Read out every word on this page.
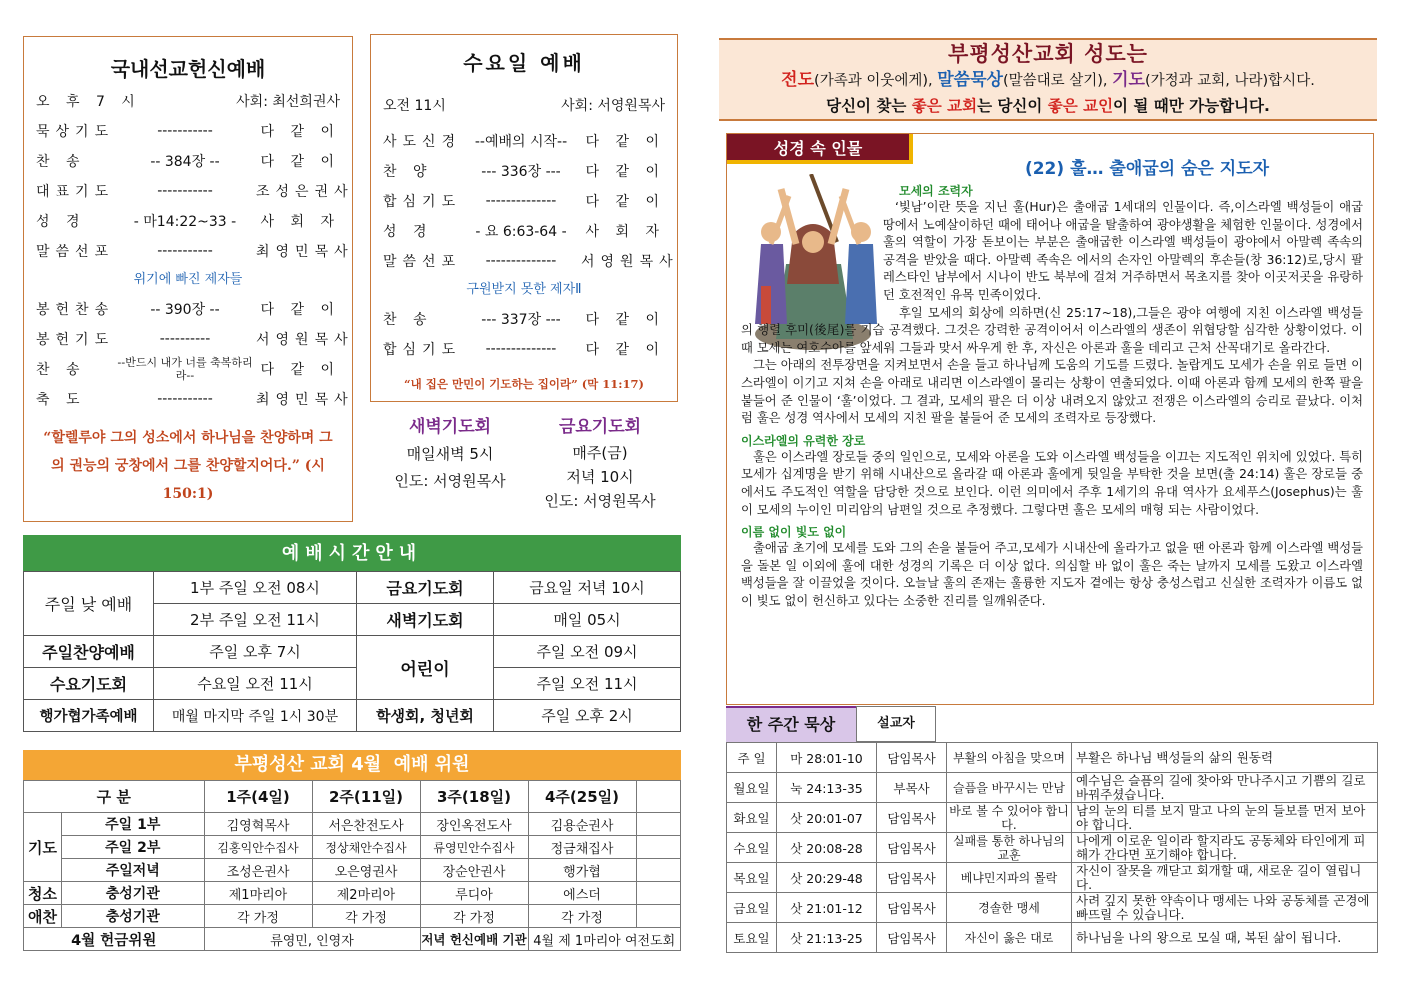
국내선교헌신예배
오 후 7 시	사회: 최선희권사
묵상기도	-----------	다 같 이
찬 송	-- 384장 --	다 같 이
대표기도	-----------	조성은권사
성 경	- 마14:22~33 -	사 회 자
말씀선포	-----------	최영민목사
위기에 빠진 제자들
봉헌찬송	-- 390장 --	다 같 이
봉헌기도	----------	서영원목사
찬 송	--반드시 내가 너를 축복하리라--	다 같 이
축 도	-----------	최영민목사
“할렐루야 그의 성소에서 하나님을 찬양하며 그의 권능의 궁창에서 그를 찬양할지어다.” (시 150:1)
수요일 예배
오전 11시	사회: 서영원목사
사도신경 --예배의 시작--	다 같 이
찬 양	--- 336장 ---	다 같 이
합심기도	--------------	다 같 이
성 경	- 요 6:63-64 -	사 회 자
말씀선포	--------------	서영원목사
구원받지 못한 제자Ⅱ
찬 송	--- 337장 ---	다 같 이
합심기도	--------------	다 같 이
“내 집은 만민이 기도하는 집이라” (막 11:17)
새벽기도회
매일새벽 5시
인도: 서영원목사
금요기도회
매주(금)
저녁 10시
인도: 서영원목사
예배시간안내
주일 낮 예배	1부 주일 오전 08시	금요기도회	금요일 저녁 10시
	2부 주일 오전 11시	새벽기도회	매일 05시
주일찬양예배	주일 오후 7시	어린이	주일 오전 09시
수요기도회	수요일 오전 11시		주일 오전 11시
행가협가족예배	매월 마지막 주일 1시 30분	학생회, 청년회	주일 오후 2시
부평성산 교회 4월  예배 위원
구 분		1주(4일)	2주(11일)	3주(18일)	4주(25일)	
기도	주일 1부	김영혁목사	서은찬전도사	장인옥전도사	김용순권사	
	주일 2부	김홍익안수집사	정상채안수집사	류영민안수집사	정금채집사	
	주일저녁	조성은권사	오은영권사	장순안권사	행가협	
청소	충성기관	제1마리아	제2마리아	루디아	에스더	
애찬	충성기관	각 가정	각 가정	각 가정	각 가정	
4월 헌금위원		류영민, 인영자		저녁 헌신예배 기관	4월 제 1마리아 여전도회	
부평성산교회 성도는
전도(가족과 이웃에게), 말씀묵상(말씀대로 살기), 기도(가정과 교회, 나라)합시다.
당신이 찾는 좋은 교회는 당신이 좋은 교인이 될 때만 가능합니다.
성경 속 인물
(22) 훌… 출애굽의 숨은 지도자
모세의 조력자
‘빛남’이란 뜻을 지닌 훌(Hur)은 출애굽 1세대의 인물이다. 즉,이스라엘 백성들이 애굽 땅에서 노예살이하던 때에 태어나 애굽을 탈출하여 광야생활을 체험한 인물이다. 성경에서 훌의 역할이 가장 돋보이는 부분은 출애굽한 이스라엘 백성들이 광야에서 아말렉 족속의 공격을 받았을 때다. 아말렉 족속은 에서의 손자인 아말렉의 후손들(창 36:12)로,당시 팔레스타인 남부에서 시나이 반도 북부에 걸쳐 거주하면서 목초지를 찾아 이곳저곳을 유랑하던 호전적인 유목 민족이었다.
후일 모세의 회상에 의하면(신 25:17~18),그들은 광야 여행에 지친 이스라엘 백성들의 행렬 후미(後尾)를 기습 공격했다. 그것은 강력한 공격이어서 이스라엘의 생존이 위협당할 심각한 상황이었다. 이때 모세는 여호수아를 앞세워 그들과 맞서 싸우게 한 후, 자신은 아론과 훌을 데리고 근처 산꼭대기로 올라간다.
그는 아래의 전투장면을 지켜보면서 손을 들고 하나님께 도움의 기도를 드렸다. 놀랍게도 모세가 손을 위로 들면 이스라엘이 이기고 지쳐 손을 아래로 내리면 이스라엘이 몰리는 상황이 연출되었다. 이때 아론과 함께 모세의 한쪽 팔을 붙들어 준 인물이 ‘훌’이었다. 그 결과, 모세의 팔은 더 이상 내려오지 않았고 전쟁은 이스라엘의 승리로 끝났다. 이처럼 훌은 성경 역사에서 모세의 지친 팔을 붙들어 준 모세의 조력자로 등장했다.
이스라엘의 유력한 장로
훌은 이스라엘 장로들 중의 일인으로, 모세와 아론을 도와 이스라엘 백성들을 이끄는 지도적인 위치에 있었다. 특히 모세가 십계명을 받기 위해 시내산으로 올라갈 때 아론과 훌에게 뒷일을 부탁한 것을 보면(출 24:14) 훌은 장로들 중에서도 주도적인 역할을 담당한 것으로 보인다. 이런 의미에서 주후 1세기의 유대 역사가 요세푸스(Josephus)는 훌이 모세의 누이인 미리암의 남편일 것으로 추정했다. 그렇다면 훌은 모세의 매형 되는 사람이었다.
이름 없이 빛도 없이
출애굽 초기에 모세를 도와 그의 손을 붙들어 주고,모세가 시내산에 올라가고 없을 땐 아론과 함께 이스라엘 백성들을 돌본 일 이외에 훌에 대한 성경의 기록은 더 이상 없다. 의심할 바 없이 훌은 죽는 날까지 모세를 도왔고 이스라엘 백성들을 잘 이끌었을 것이다. 오늘날 훌의 존재는 훌륭한 지도자 곁에는 항상 충성스럽고 신실한 조력자가 이름도 없이 빛도 없이 헌신하고 있다는 소중한 진리를 일깨워준다.
한 주간 묵상	설교자
주 일	마 28:01-10	담임목사	부활의 아침을 맞으며	부활은 하나님 백성들의 삶의 원동력
월요일	눅 24:13-35	부목사	슬픔을 바꾸시는 만남	예수님은 슬픔의 길에 찾아와 만나주시고 기쁨의 길로 바꿔주셨습니다.
화요일	삿 20:01-07	담임목사	바로 볼 수 있어야 합니다.	남의 눈의 티를 보지 말고 나의 눈의 들보를 먼저 보아야 합니다.
수요일	삿 20:08-28	담임목사	실패를 통한 하나님의 교훈	나에게 이로운 일이라 할지라도 공동체와 타인에게 피해가 간다면 포기해야 합니다.
목요일	삿 20:29-48	담임목사	베냐민지파의 몰락	자신이 잘못을 깨닫고 회개할 때, 새로운 길이 열립니다.
금요일	삿 21:01-12	담임목사	경솔한 맹세	사려 깊지 못한 약속이나 맹세는 나와 공동체를 곤경에 빠뜨릴 수 있습니다.
토요일	삿 21:13-25	담임목사	자신이 옳은 대로	하나님을 나의 왕으로 모실 때, 복된 삶이 됩니다.
